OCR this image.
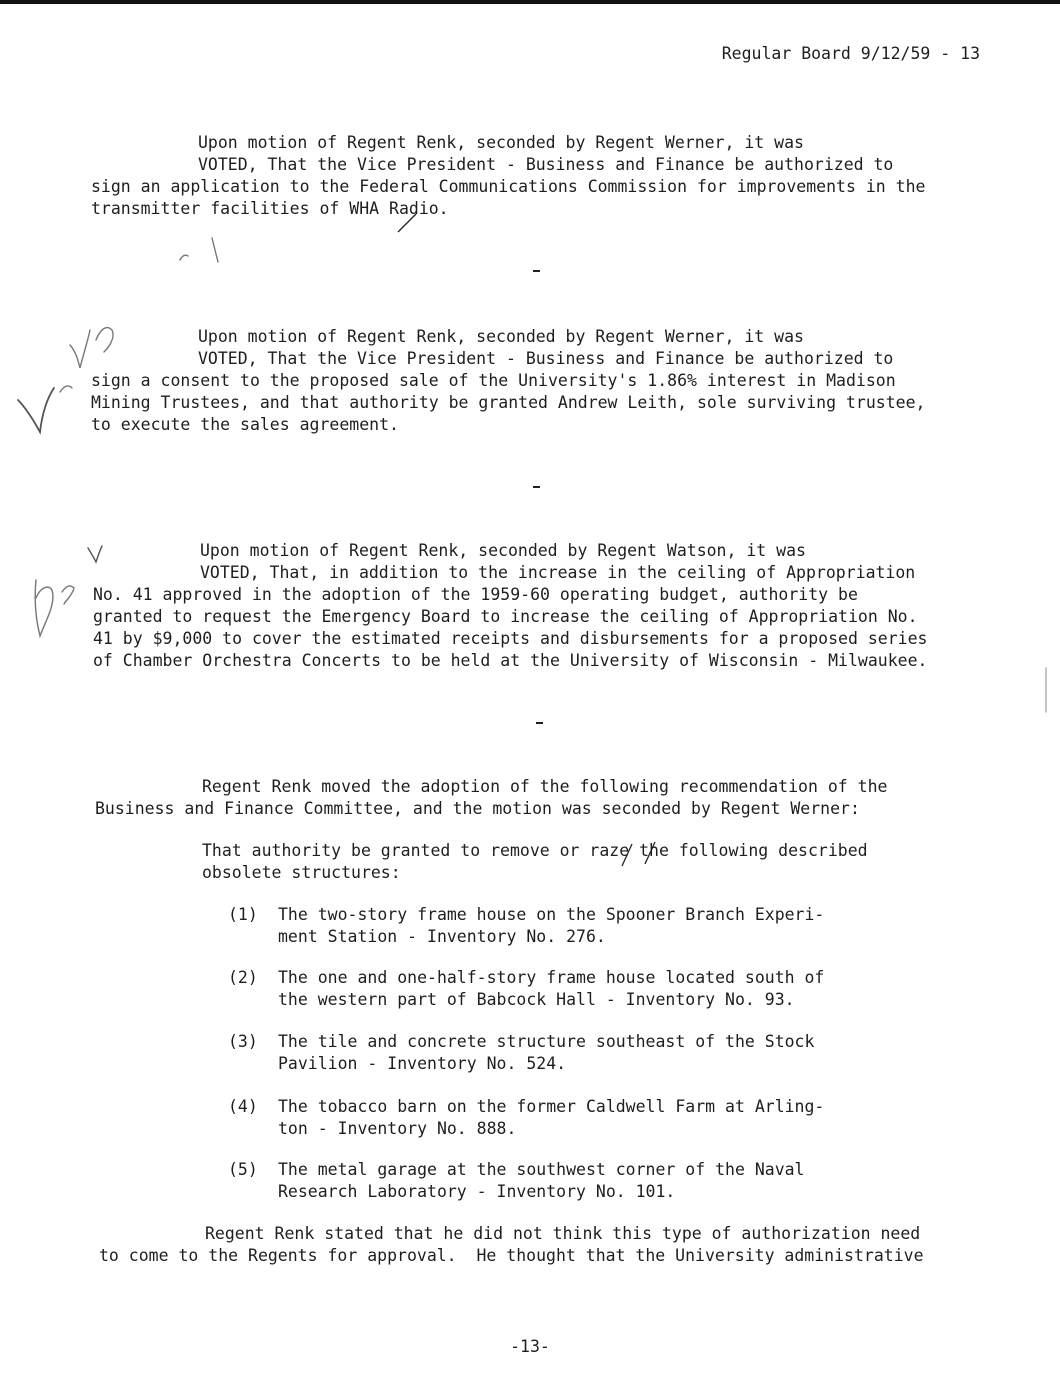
Regular Board 9/12/59 - 13
Upon motion of Regent Renk, seconded by Regent Werner, it was
VOTED, That the Vice President - Business and Finance be authorized to
sign an application to the Federal Communications Commission for improvements in the
transmitter facilities of WHA Radio.
Upon motion of Regent Renk, seconded by Regent Werner, it was
VOTED, That the Vice President - Business and Finance be authorized to
sign a consent to the proposed sale of the University's 1.86% interest in Madison
Mining Trustees, and that authority be granted Andrew Leith, sole surviving trustee,
to execute the sales agreement.
Upon motion of Regent Renk, seconded by Regent Watson, it was
VOTED, That, in addition to the increase in the ceiling of Appropriation
No. 41 approved in the adoption of the 1959-60 operating budget, authority be
granted to request the Emergency Board to increase the ceiling of Appropriation No.
41 by $9,000 to cover the estimated receipts and disbursements for a proposed series
of Chamber Orchestra Concerts to be held at the University of Wisconsin - Milwaukee.
Regent Renk moved the adoption of the following recommendation of the
Business and Finance Committee, and the motion was seconded by Regent Werner:
That authority be granted to remove or raze the following described
obsolete structures:
(1) The two-story frame house on the Spooner Branch Experi-
ment Station - Inventory No. 276.
(2) The one and one-half-story frame house located south of
the western part of Babcock Hall - Inventory No. 93.
(3) The tile and concrete structure southeast of the Stock
Pavilion - Inventory No. 524.
(4) The tobacco barn on the former Caldwell Farm at Arling-
ton - Inventory No. 888.
(5) The metal garage at the southwest corner of the Naval
Research Laboratory - Inventory No. 101.
Regent Renk stated that he did not think this type of authorization need
to come to the Regents for approval.  He thought that the University administrative
-13-
